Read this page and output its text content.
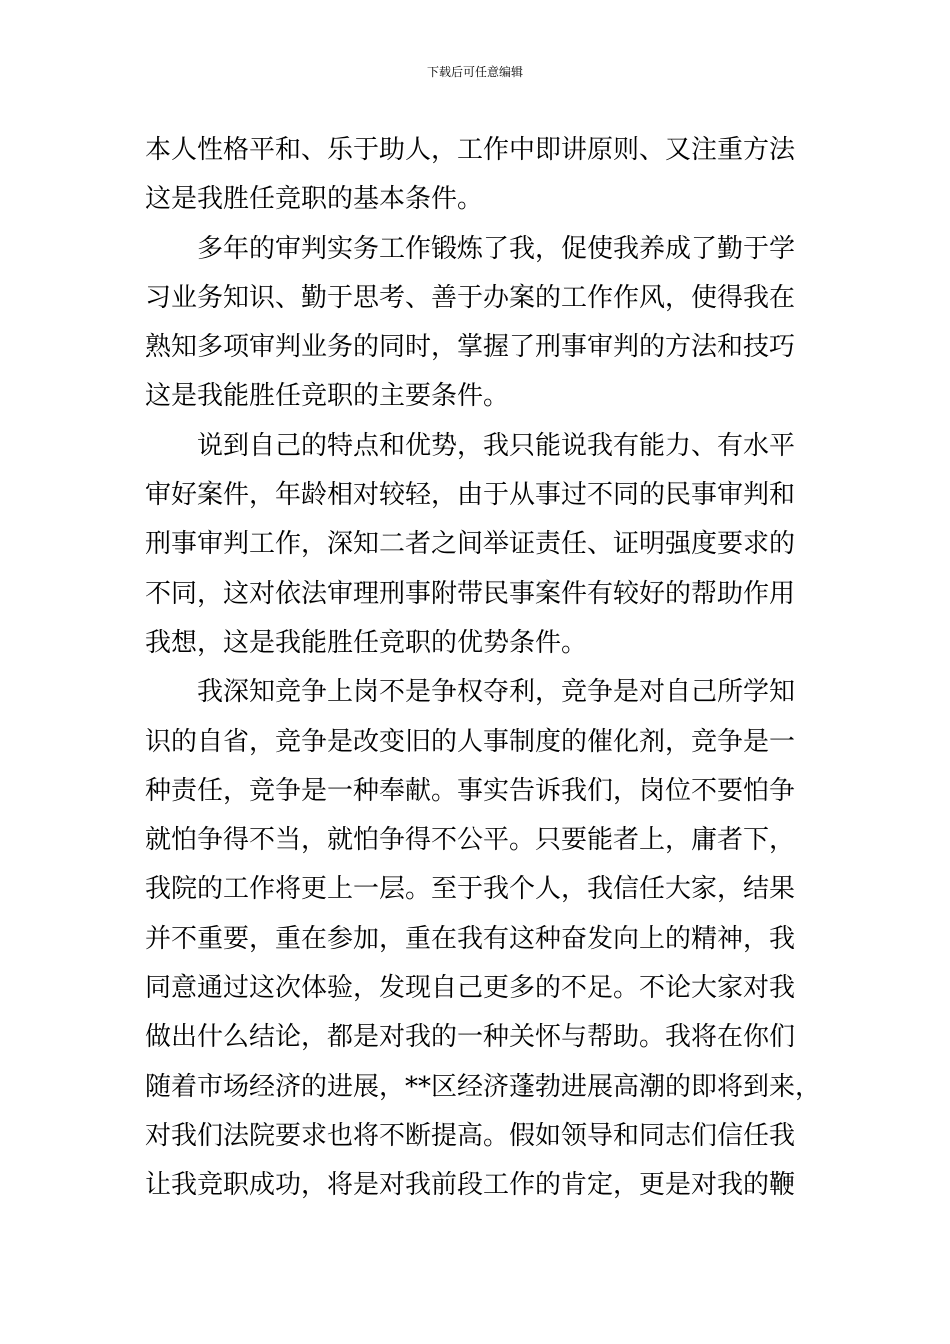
下载后可任意编辑
本人性格平和、乐于助人，工作中即讲原则、又注重方法
这是我胜任竞职的基本条件。
多年的审判实务工作锻炼了我，促使我养成了勤于学
习业务知识、勤于思考、善于办案的工作作风，使得我在
熟知多项审判业务的同时，掌握了刑事审判的方法和技巧
这是我能胜任竞职的主要条件。
说到自己的特点和优势，我只能说我有能力、有水平
审好案件，年龄相对较轻，由于从事过不同的民事审判和
刑事审判工作，深知二者之间举证责任、证明强度要求的
不同，这对依法审理刑事附带民事案件有较好的帮助作用
我想，这是我能胜任竞职的优势条件。
我深知竞争上岗不是争权夺利，竞争是对自己所学知
识的自省，竞争是改变旧的人事制度的催化剂，竞争是一
种责任，竞争是一种奉献。事实告诉我们，岗位不要怕争
就怕争得不当，就怕争得不公平。只要能者上，庸者下，
我院的工作将更上一层。至于我个人，我信任大家，结果
并不重要，重在参加，重在我有这种奋发向上的精神，我
同意通过这次体验，发现自己更多的不足。不论大家对我
做出什么结论，都是对我的一种关怀与帮助。我将在你们
随着市场经济的进展，**区经济蓬勃进展高潮的即将到来，
对我们法院要求也将不断提高。假如领导和同志们信任我
让我竞职成功，将是对我前段工作的肯定，更是对我的鞭
